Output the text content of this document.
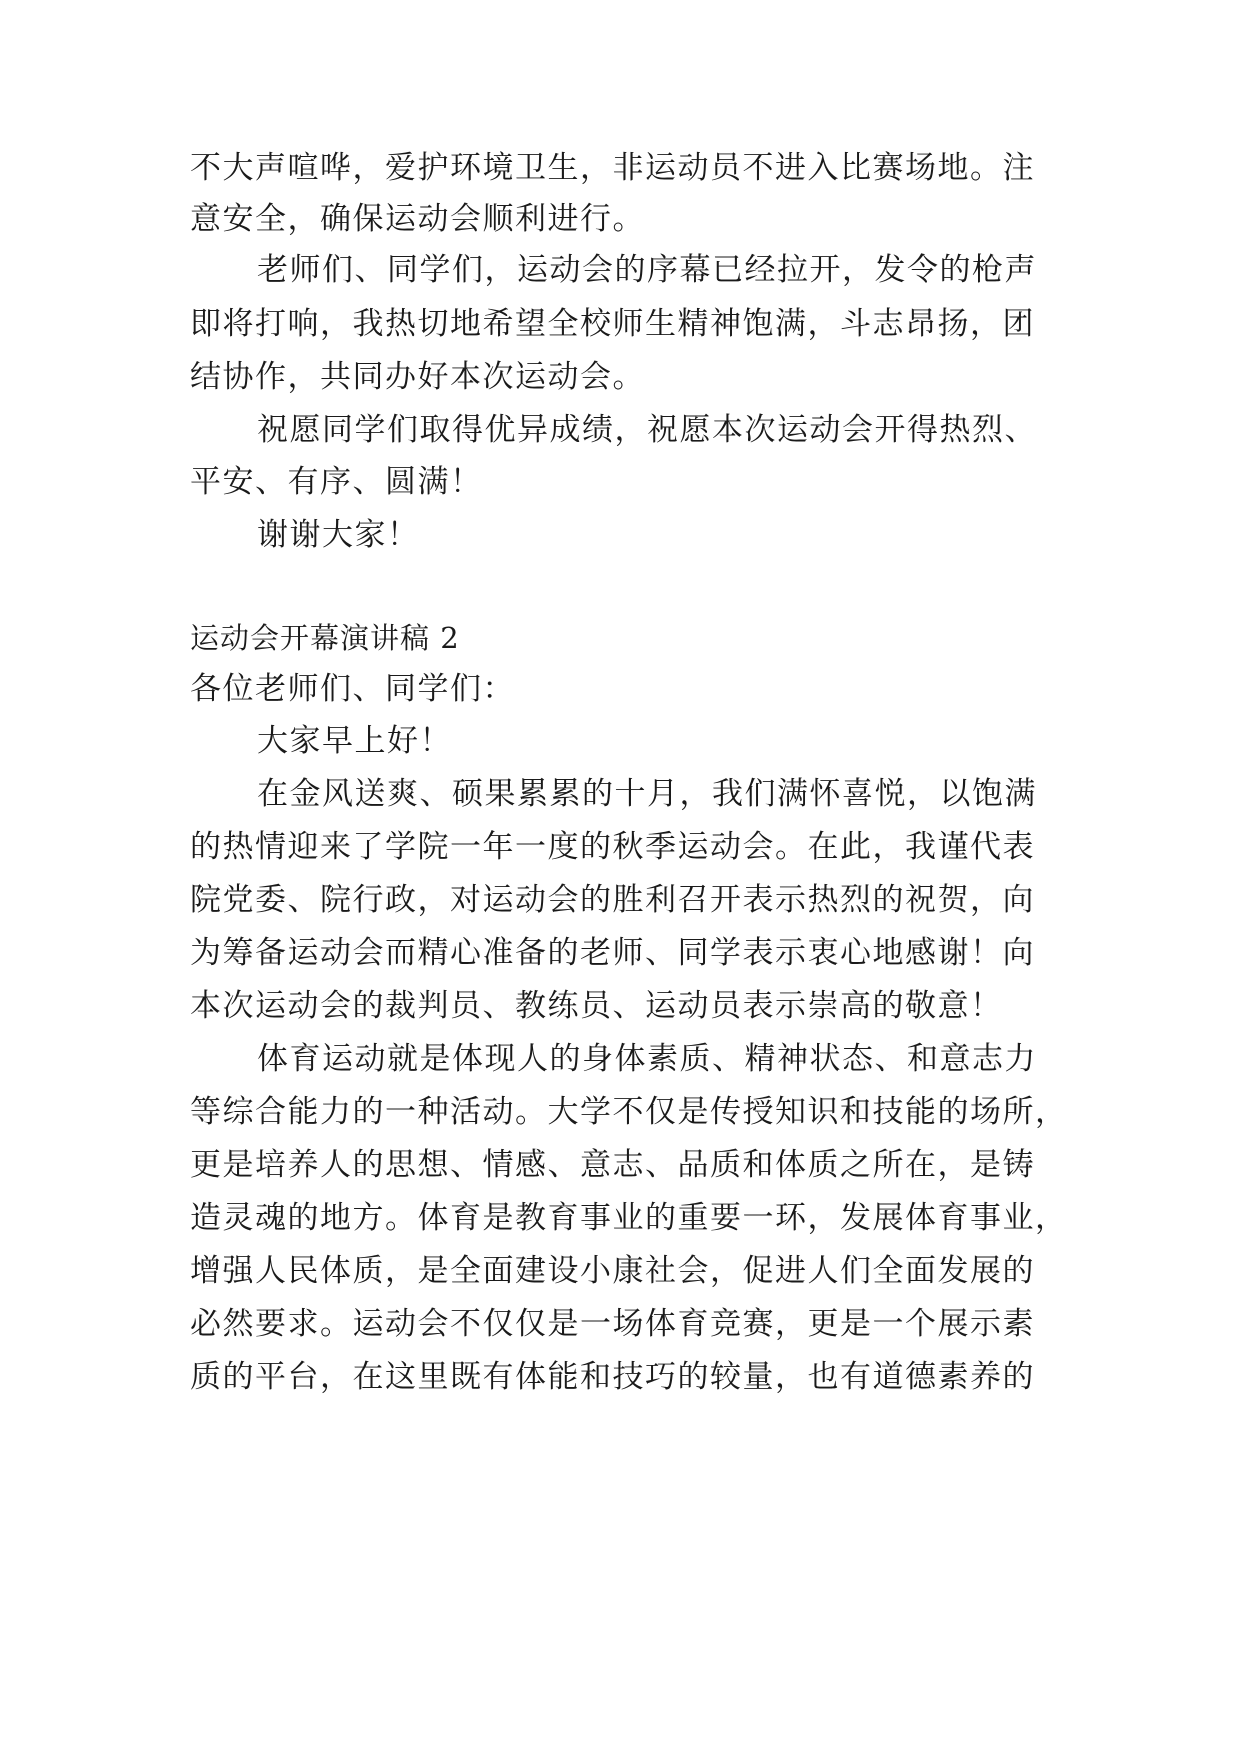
不大声喧哗，爱护环境卫生，非运动员不进入比赛场地。注
意安全，确保运动会顺利进行。
老师们、同学们，运动会的序幕已经拉开，发令的枪声
即将打响，我热切地希望全校师生精神饱满，斗志昂扬，团
结协作，共同办好本次运动会。
祝愿同学们取得优异成绩，祝愿本次运动会开得热烈、
平安、有序、圆满！
谢谢大家！
运动会开幕演讲稿 2
各位老师们、同学们：
大家早上好！
在金风送爽、硕果累累的十月，我们满怀喜悦，以饱满
的热情迎来了学院一年一度的秋季运动会。在此，我谨代表
院党委、院行政，对运动会的胜利召开表示热烈的祝贺，向
为筹备运动会而精心准备的老师、同学表示衷心地感谢！向
本次运动会的裁判员、教练员、运动员表示崇高的敬意！
体育运动就是体现人的身体素质、精神状态、和意志力
等综合能力的一种活动。大学不仅是传授知识和技能的场所，
更是培养人的思想、情感、意志、品质和体质之所在，是铸
造灵魂的地方。体育是教育事业的重要一环，发展体育事业，
增强人民体质，是全面建设小康社会，促进人们全面发展的
必然要求。运动会不仅仅是一场体育竞赛，更是一个展示素
质的平台，在这里既有体能和技巧的较量，也有道德素养的
